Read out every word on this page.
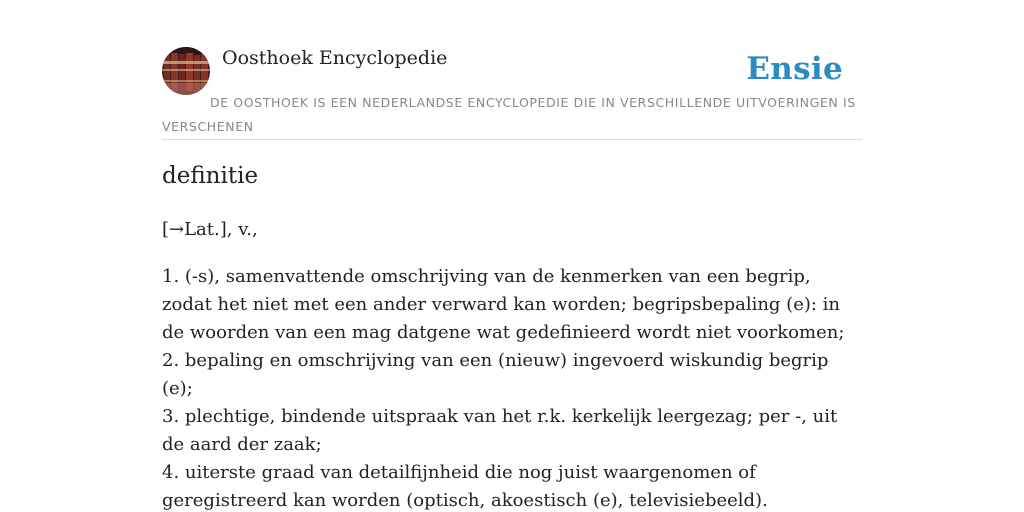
Oosthoek Encyclopedie	Ensie
DE OOSTHOEK IS EEN NEDERLANDSE ENCYCLOPEDIE DIE IN VERSCHILLENDE UITVOERINGEN IS VERSCHENEN
definitie

[→Lat.], v.,

1. (-s), samenvattende omschrijving van de kenmerken van een begrip, zodat het niet met een ander verward kan worden; begripsbepaling (e): in de woorden van een mag datgene wat gedefinieerd wordt niet voorkomen;

2. bepaling en omschrijving van een (nieuw) ingevoerd wiskundig begrip (e);

3. plechtige, bindende uitspraak van het r.k. kerkelijk leergezag; per -, uit de aard der zaak;

4. uiterste graad van detailfijnheid die nog juist waargenomen of geregistreerd kan worden (optisch, akoestisch (e), televisiebeeld).
